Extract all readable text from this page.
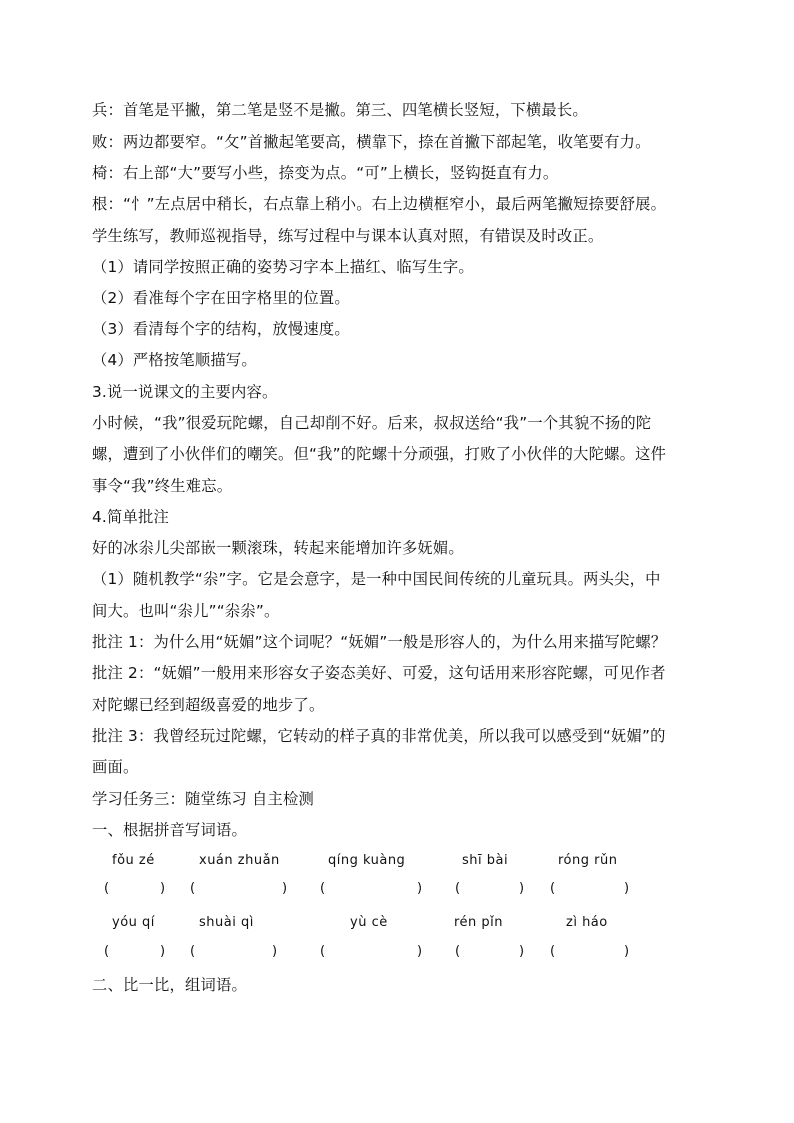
兵：首笔是平撇，第二笔是竖不是撇。第三、四笔横长竖短，下横最长。
败：两边都要窄。“攵”首撇起笔要高，横靠下，捺在首撇下部起笔，收笔要有力。
椅：右上部“大”要写小些，捺变为点。“可”上横长，竖钩挺直有力。
根：“忄”左点居中稍长，右点靠上稍小。右上边横框窄小，最后两笔撇短捺要舒展。
学生练写，教师巡视指导，练写过程中与课本认真对照，有错误及时改正。
（1）请同学按照正确的姿势习字本上描红、临写生字。
（2）看准每个字在田字格里的位置。
（3）看清每个字的结构，放慢速度。
（4）严格按笔顺描写。
3.说一说课文的主要内容。
小时候，“我”很爱玩陀螺，自己却削不好。后来，叔叔送给“我”一个其貌不扬的陀
螺，遭到了小伙伴们的嘲笑。但“我”的陀螺十分顽强，打败了小伙伴的大陀螺。这件
事令“我”终生难忘。
4.简单批注
好的冰尜儿尖部嵌一颗滚珠，转起来能增加许多妩媚。
（1）随机教学“尜”字。它是会意字，是一种中国民间传统的儿童玩具。两头尖，中
间大。也叫“尜儿”“尜尜”。
批注 1：为什么用“妩媚”这个词呢？“妩媚”一般是形容人的，为什么用来描写陀螺？
批注 2：“妩媚”一般用来形容女子姿态美好、可爱，这句话用来形容陀螺，可见作者
对陀螺已经到超级喜爱的地步了。
批注 3：我曾经玩过陀螺，它转动的样子真的非常优美，所以我可以感受到“妩媚”的
画面。
学习任务三：随堂练习 自主检测
一、根据拼音写词语。
fǒu zé	xuán zhuǎn	qíng kuàng	shī bài	róng rǔn
(	) (	)	(	)	(	) (	)
yóu qí	shuài qì	yù cè	rén pǐn	zì háo
(	) (	)	(	)	(	) (	)
二、比一比，组词语。
